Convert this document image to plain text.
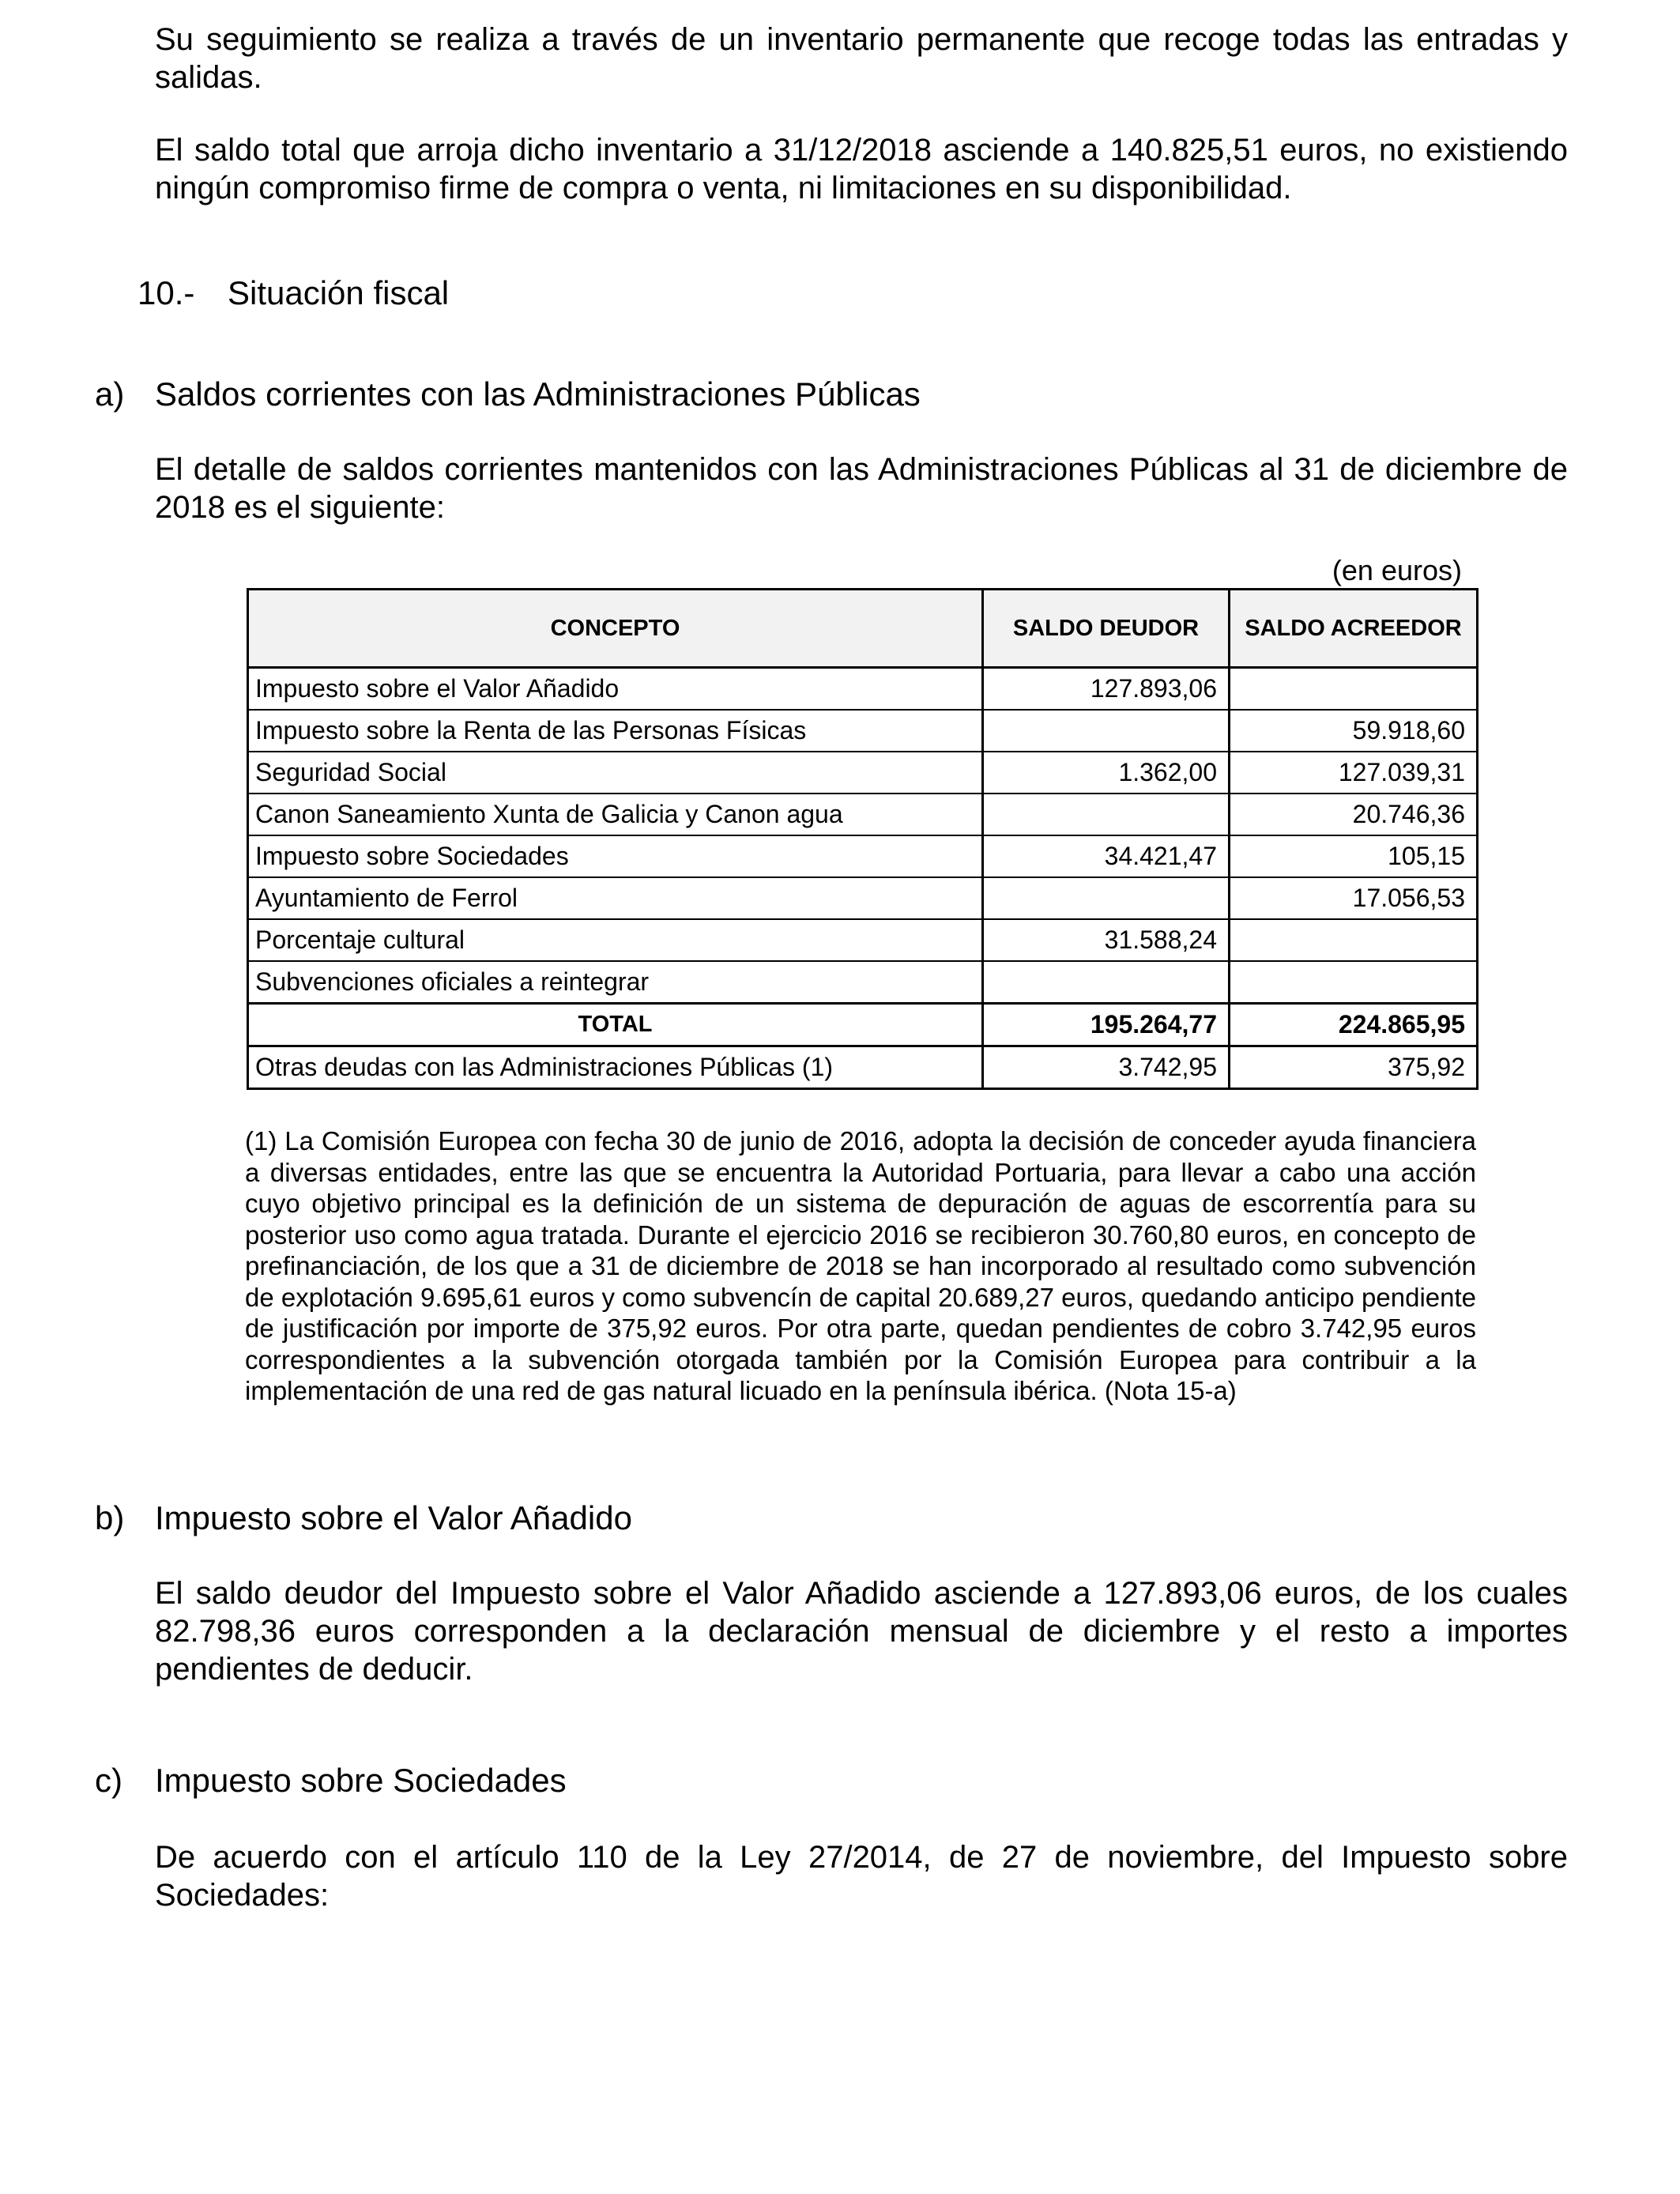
Su seguimiento se realiza a través de un inventario permanente que recoge todas las entradas y salidas.

El saldo total que arroja dicho inventario a 31/12/2018 asciende a 140.825,51 euros, no existiendo ningún compromiso firme de compra o venta, ni limitaciones en su disponibilidad.

10.- Situación fiscal
a) Saldos corrientes con las Administraciones Públicas

El detalle de saldos corrientes mantenidos con las Administraciones Públicas al 31 de diciembre de 2018 es el siguiente:

(en euros)
CONCEPTO	SALDO DEUDOR	SALDO ACREEDOR
Impuesto sobre el Valor Añadido	127.893,06	
Impuesto sobre la Renta de las Personas Físicas		59.918,60
Seguridad Social	1.362,00	127.039,31
Canon Saneamiento Xunta de Galicia y Canon agua		20.746,36
Impuesto sobre Sociedades	34.421,47	105,15
Ayuntamiento de Ferrol		17.056,53
Porcentaje cultural	31.588,24	
Subvenciones oficiales a reintegrar		
TOTAL	195.264,77	224.865,95
Otras deudas con las Administraciones Públicas (1)	3.742,95	375,92

(1) La Comisión Europea con fecha 30 de junio de 2016, adopta la decisión de conceder ayuda financiera a diversas entidades, entre las que se encuentra la Autoridad Portuaria, para llevar a cabo una acción cuyo objetivo principal es la definición de un sistema de depuración de aguas de escorrentía para su posterior uso como agua tratada. Durante el ejercicio 2016 se recibieron 30.760,80 euros, en concepto de prefinanciación, de los que a 31 de diciembre de 2018 se han incorporado al resultado como subvención de explotación 9.695,61 euros y como subvencín de capital 20.689,27 euros, quedando anticipo pendiente de justificación por importe de 375,92 euros. Por otra parte, quedan pendientes de cobro 3.742,95 euros correspondientes a la subvención otorgada también por la Comisión Europea para contribuir a la implementación de una red de gas natural licuado en la península ibérica. (Nota 15-a)

b) Impuesto sobre el Valor Añadido

El saldo deudor del Impuesto sobre el Valor Añadido asciende a 127.893,06 euros, de los cuales 82.798,36 euros corresponden a la declaración mensual de diciembre y el resto a importes pendientes de deducir.

c) Impuesto sobre Sociedades

De acuerdo con el artículo 110 de la Ley 27/2014, de 27 de noviembre, del Impuesto sobre Sociedades:
